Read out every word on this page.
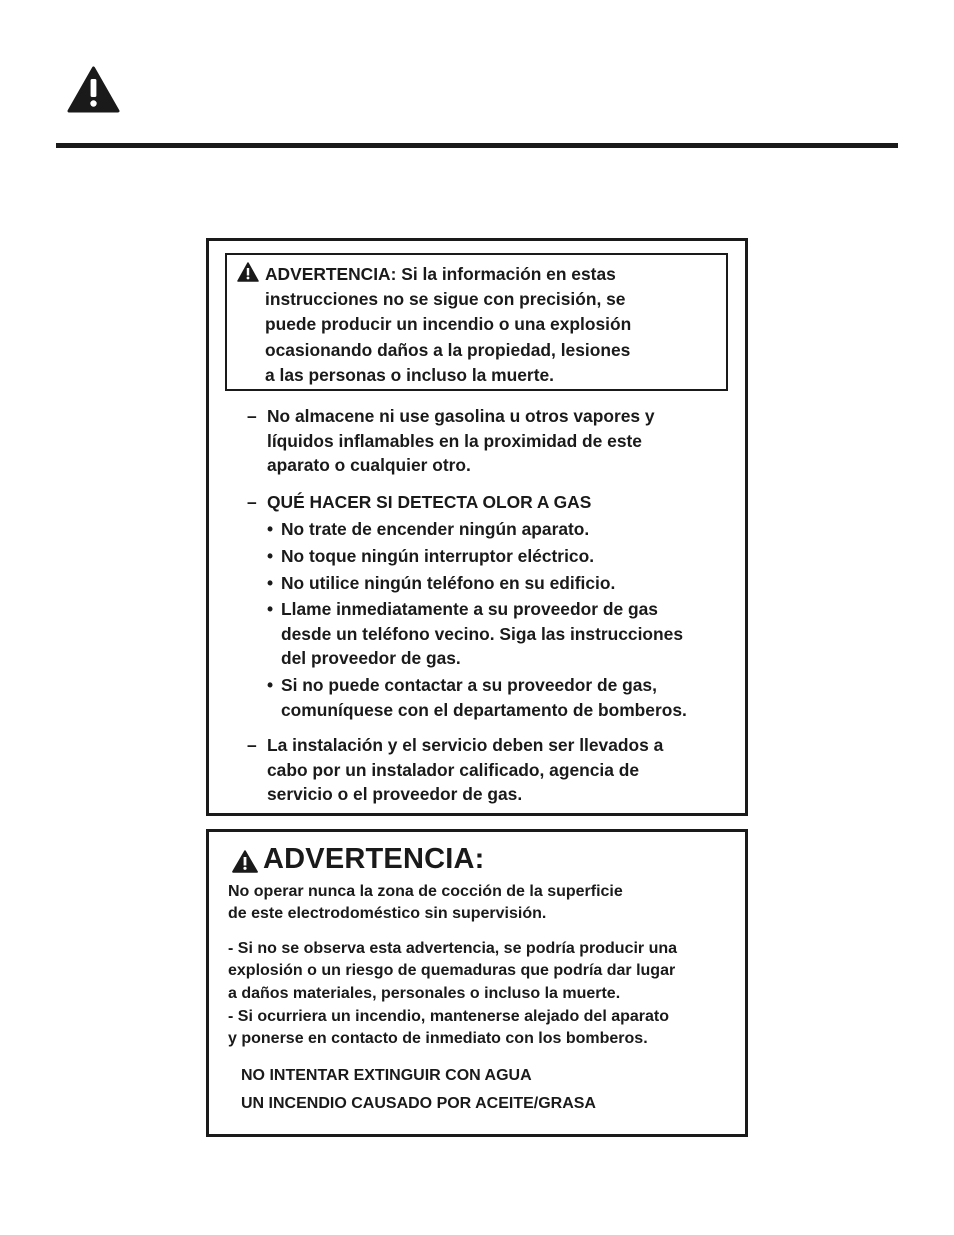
ADVERTENCIA: Si la información en estas
instrucciones no se sigue con precisión, se
puede producir un incendio o una explosión
ocasionando daños a la propiedad, lesiones
a las personas o incluso la muerte.
– No almacene ni use gasolina u otros vapores y
líquidos inflamables en la proximidad de este
aparato o cualquier otro.
– QUÉ HACER SI DETECTA OLOR A GAS
• No trate de encender ningún aparato.
• No toque ningún interruptor eléctrico.
• No utilice ningún teléfono en su edificio.
• Llame inmediatamente a su proveedor de gas
desde un teléfono vecino. Siga las instrucciones
del proveedor de gas.
• Si no puede contactar a su proveedor de gas,
comuníquese con el departamento de bomberos.
– La instalación y el servicio deben ser llevados a
cabo por un instalador calificado, agencia de
servicio o el proveedor de gas.
ADVERTENCIA:
No operar nunca la zona de cocción de la superficie
de este electrodoméstico sin supervisión.
- Si no se observa esta advertencia, se podría producir una
explosión o un riesgo de quemaduras que podría dar lugar
a daños materiales, personales o incluso la muerte.
- Si ocurriera un incendio, mantenerse alejado del aparato
y ponerse en contacto de inmediato con los bomberos.
NO INTENTAR EXTINGUIR CON AGUA
UN INCENDIO CAUSADO POR ACEITE/GRASA
